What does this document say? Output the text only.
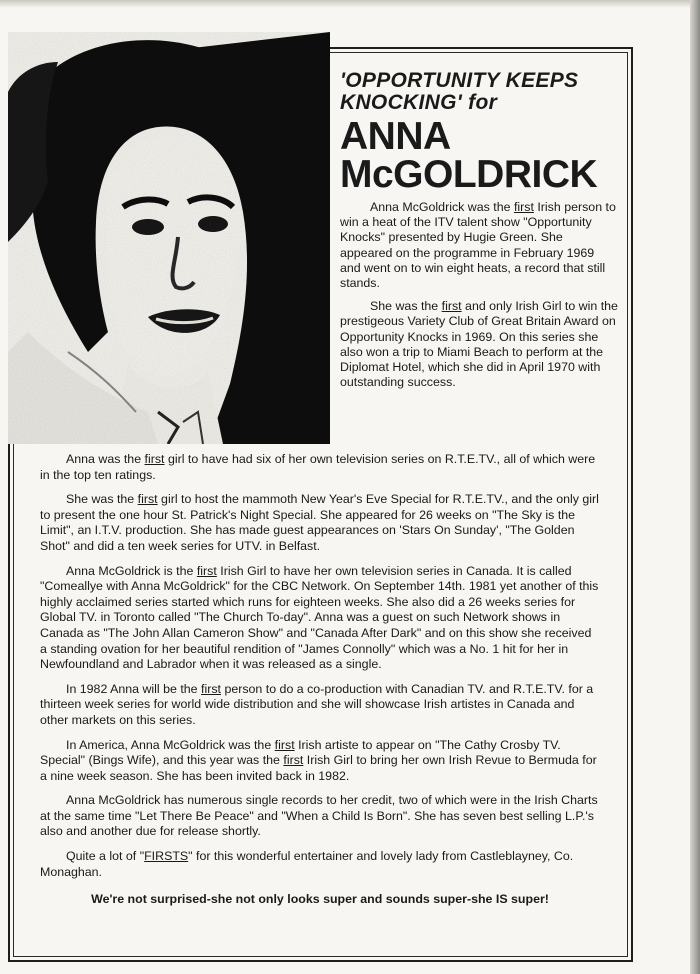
'OPPORTUNITY KEEPS KNOCKING' for

ANNA

McGOLDRICK

Anna McGoldrick was the first Irish person to win a heat of the ITV talent show "Opportunity Knocks" presented by Hugie Green. She appeared on the programme in February 1969 and went on to win eight heats, a record that still stands.

She was the first and only Irish Girl to win the prestigeous Variety Club of Great Britain Award on Opportunity Knocks in 1969. On this series she also won a trip to Miami Beach to perform at the Diplomat Hotel, which she did in April 1970 with outstanding success.

Anna was the first girl to have had six of her own television series on R.T.E.TV., all of which were in the top ten ratings.

She was the first girl to host the mammoth New Year's Eve Special for R.T.E.TV., and the only girl to present the one hour St. Patrick's Night Special. She appeared for 26 weeks on "The Sky is the Limit", an I.T.V. production. She has made guest appearances on 'Stars On Sunday', "The Golden Shot" and did a ten week series for UTV. in Belfast.

Anna McGoldrick is the first Irish Girl to have her own television series in Canada. It is called "Comeallye with Anna McGoldrick" for the CBC Network. On September 14th. 1981 yet another of this highly acclaimed series started which runs for eighteen weeks. She also did a 26 weeks series for Global TV. in Toronto called "The Church To-day". Anna was a guest on such Network shows in Canada as "The John Allan Cameron Show" and "Canada After Dark" and on this show she received a standing ovation for her beautiful rendition of "James Connolly" which was a No. 1 hit for her in Newfoundland and Labrador when it was released as a single.

In 1982 Anna will be the first person to do a co-production with Canadian TV. and R.T.E.TV. for a thirteen week series for world wide distribution and she will showcase Irish artistes in Canada and other markets on this series.

In America, Anna McGoldrick was the first Irish artiste to appear on "The Cathy Crosby TV. Special" (Bings Wife), and this year was the first Irish Girl to bring her own Irish Revue to Bermuda for a nine week season. She has been invited back in 1982.

Anna McGoldrick has numerous single records to her credit, two of which were in the Irish Charts at the same time "Let There Be Peace" and "When a Child Is Born". She has seven best selling L.P.'s also and another due for release shortly.

Quite a lot of "FIRSTS" for this wonderful entertainer and lovely lady from Castleblayney, Co. Monaghan.

We're not surprised-she not only looks super and sounds super-she IS super!
